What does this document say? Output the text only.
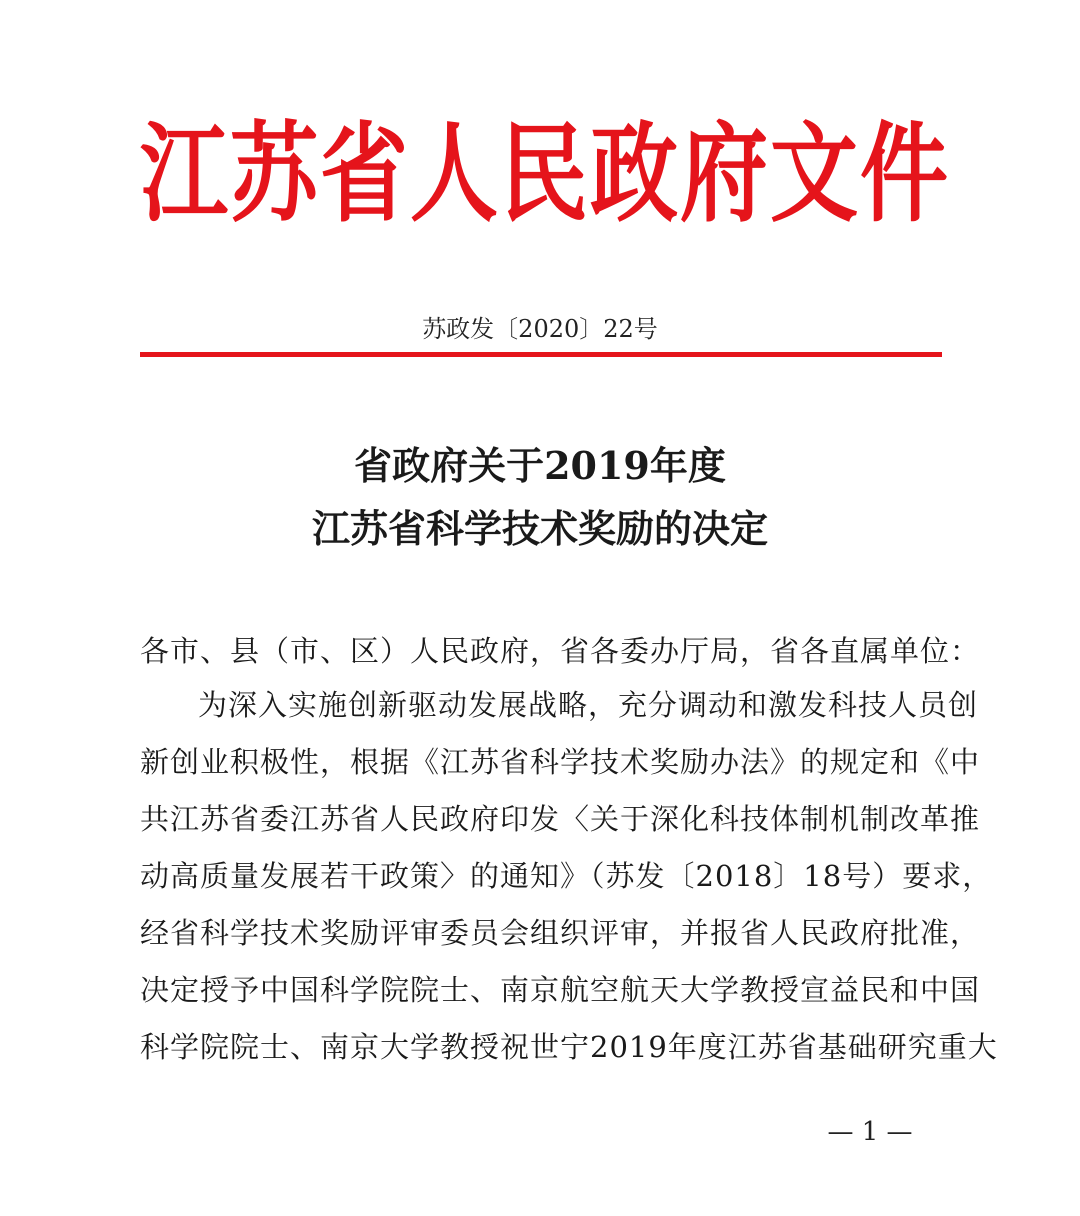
江苏省人民政府文件
苏政发〔2020〕22号
省政府关于2019年度
江苏省科学技术奖励的决定
各市、县（市、区）人民政府，省各委办厅局，省各直属单位：
为深入实施创新驱动发展战略，充分调动和激发科技人员创
新创业积极性，根据《江苏省科学技术奖励办法》的规定和《中
共江苏省委江苏省人民政府印发〈关于深化科技体制机制改革推
动高质量发展若干政策〉的通知》（苏发〔2018〕18号）要求，
经省科学技术奖励评审委员会组织评审，并报省人民政府批准，
决定授予中国科学院院士、南京航空航天大学教授宣益民和中国
科学院院士、南京大学教授祝世宁2019年度江苏省基础研究重大
— 1 —
